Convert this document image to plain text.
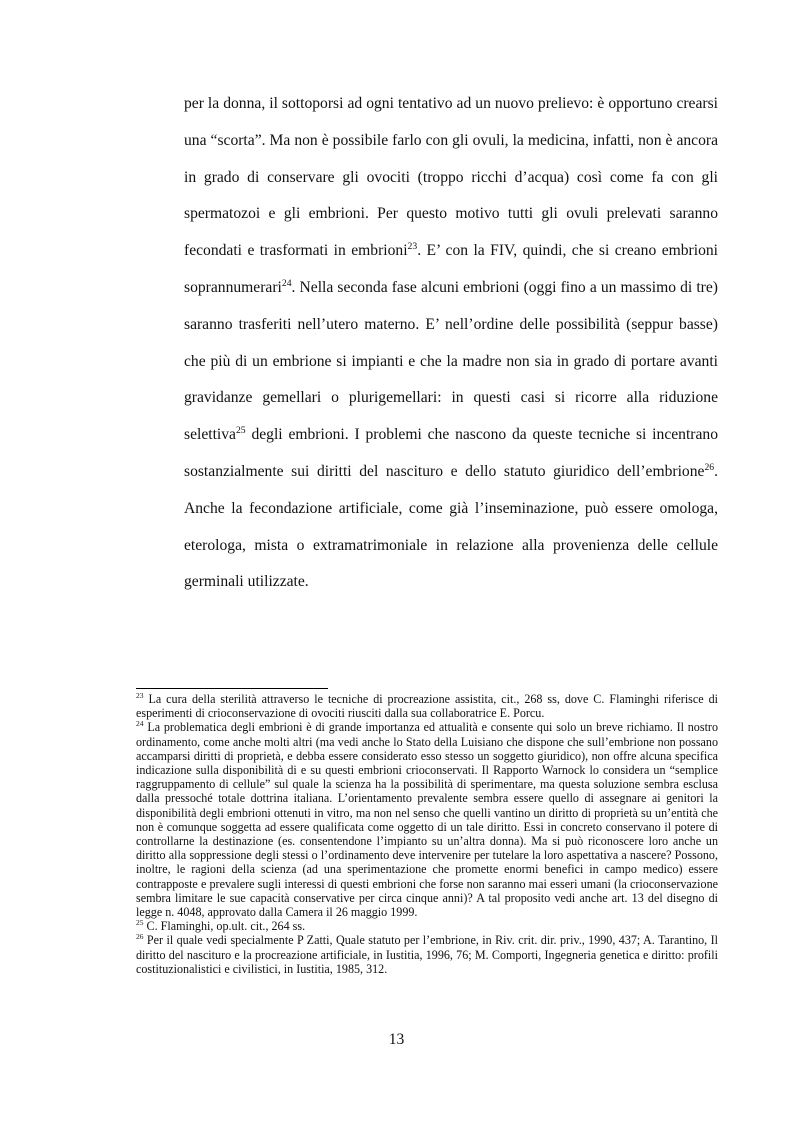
per la donna, il sottoporsi ad ogni tentativo ad un nuovo prelievo: è opportuno crearsi una “scorta”. Ma non è possibile farlo con gli ovuli, la medicina, infatti, non è ancora in grado di conservare gli ovociti (troppo ricchi d’acqua) così come fa con gli spermatozoi e gli embrioni. Per questo motivo tutti gli ovuli prelevati saranno fecondati e trasformati in embrioni$^{23}$. E’ con la FIV, quindi, che si creano embrioni soprannumerari$^{24}$. Nella seconda fase alcuni embrioni (oggi fino a un massimo di tre) saranno trasferiti nell’utero materno. E’ nell’ordine delle possibilità (seppur basse) che più di un embrione si impianti e che la madre non sia in grado di portare avanti gravidanze gemellari o plurigemellari: in questi casi si ricorre alla riduzione selettiva$^{25}$ degli embrioni. I problemi che nascono da queste tecniche si incentrano sostanzialmente sui diritti del nascituro e dello statuto giuridico dell’embrione$^{26}$. Anche la fecondazione artificiale, come già l’inseminazione, può essere omologa, eterologa, mista o extramatrimoniale in relazione alla provenienza delle cellule germinali utilizzate.

$^{23}$ La cura della sterilità attraverso le tecniche di procreazione assistita, cit., 268 ss, dove C. Flaminghi riferisce di esperimenti di crioconservazione di ovociti riusciti dalla sua collaboratrice E. Porcu.

$^{24}$ La problematica degli embrioni è di grande importanza ed attualità e consente qui solo un breve richiamo. Il nostro ordinamento, come anche molti altri (ma vedi anche lo Stato della Luisiano che dispone che sull’embrione non possano accamparsi diritti di proprietà, e debba essere considerato esso stesso un soggetto giuridico), non offre alcuna specifica indicazione sulla disponibilità di e su questi embrioni crioconservati. Il Rapporto Warnock lo considera un “semplice raggruppamento di cellule” sul quale la scienza ha la possibilità di sperimentare, ma questa soluzione sembra esclusa dalla pressoché totale dottrina italiana. L’orientamento prevalente sembra essere quello di assegnare ai genitori la disponibilità degli embrioni ottenuti in vitro, ma non nel senso che quelli vantino un diritto di proprietà su un’entità che non è comunque soggetta ad essere qualificata come oggetto di un tale diritto. Essi in concreto conservano il potere di controllarne la destinazione (es. consentendone l’impianto su un’altra donna). Ma si può riconoscere loro anche un diritto alla soppressione degli stessi o l’ordinamento deve intervenire per tutelare la loro aspettativa a nascere? Possono, inoltre, le ragioni della scienza (ad una sperimentazione che promette enormi benefici in campo medico) essere contrapposte e prevalere sugli interessi di questi embrioni che forse non saranno mai esseri umani (la crioconservazione sembra limitare le sue capacità conservative per circa cinque anni)? A tal proposito vedi anche art. 13 del disegno di legge n. 4048, approvato dalla Camera il 26 maggio 1999.

$^{25}$ C. Flaminghi, op.ult. cit., 264 ss.

$^{26}$ Per il quale vedi specialmente P Zatti, Quale statuto per l’embrione, in Riv. crit. dir. priv., 1990, 437; A. Tarantino, Il diritto del nascituro e la procreazione artificiale, in Iustitia, 1996, 76; M. Comporti, Ingegneria genetica e diritto: profili costituzionalistici e civilistici, in Iustitia, 1985, 312.

13
